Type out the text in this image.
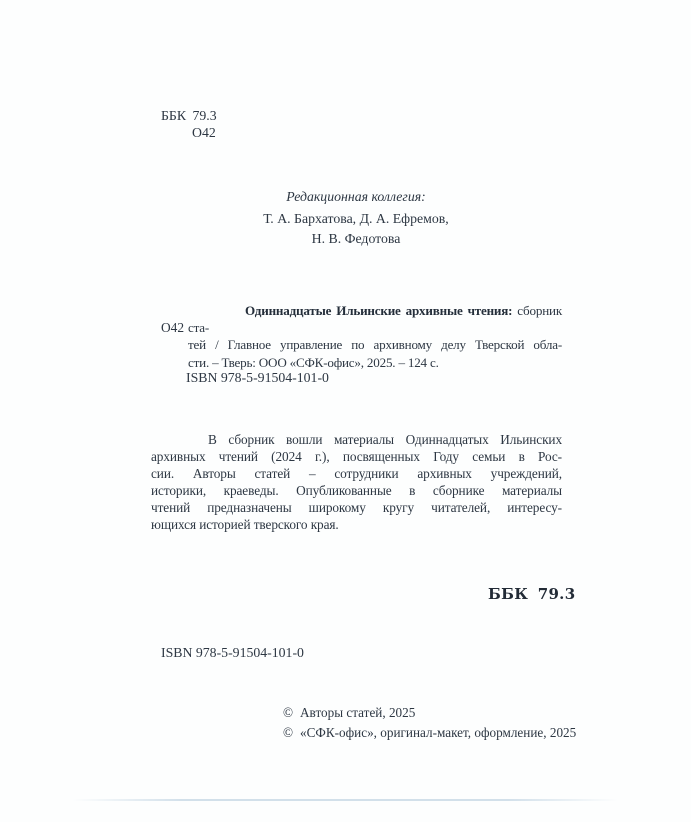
ББК 79.3
О42
Редакционная коллегия:
Т. А. Бархатова, Д. А. Ефремов,
Н. В. Федотова
О42
Одиннадцатые Ильинские архивные чтения: сборник ста-
тей / Главное управление по архивному делу Тверской обла-
сти. – Тверь: ООО «СФК-офис», 2025. – 124 с.
ISBN 978-5-91504-101-0
В сборник вошли материалы Одиннадцатых Ильинских
архивных чтений (2024 г.), посвященных Году семьи в Рос-
сии. Авторы статей – сотрудники архивных учреждений,
историки, краеведы. Опубликованные в сборнике материалы
чтений предназначены широкому кругу читателей, интересу-
ющихся историей тверского края.
ББК 79.3
ISBN 978-5-91504-101-0
© Авторы статей, 2025
© «СФК-офис», оригинал-макет, оформление, 2025
